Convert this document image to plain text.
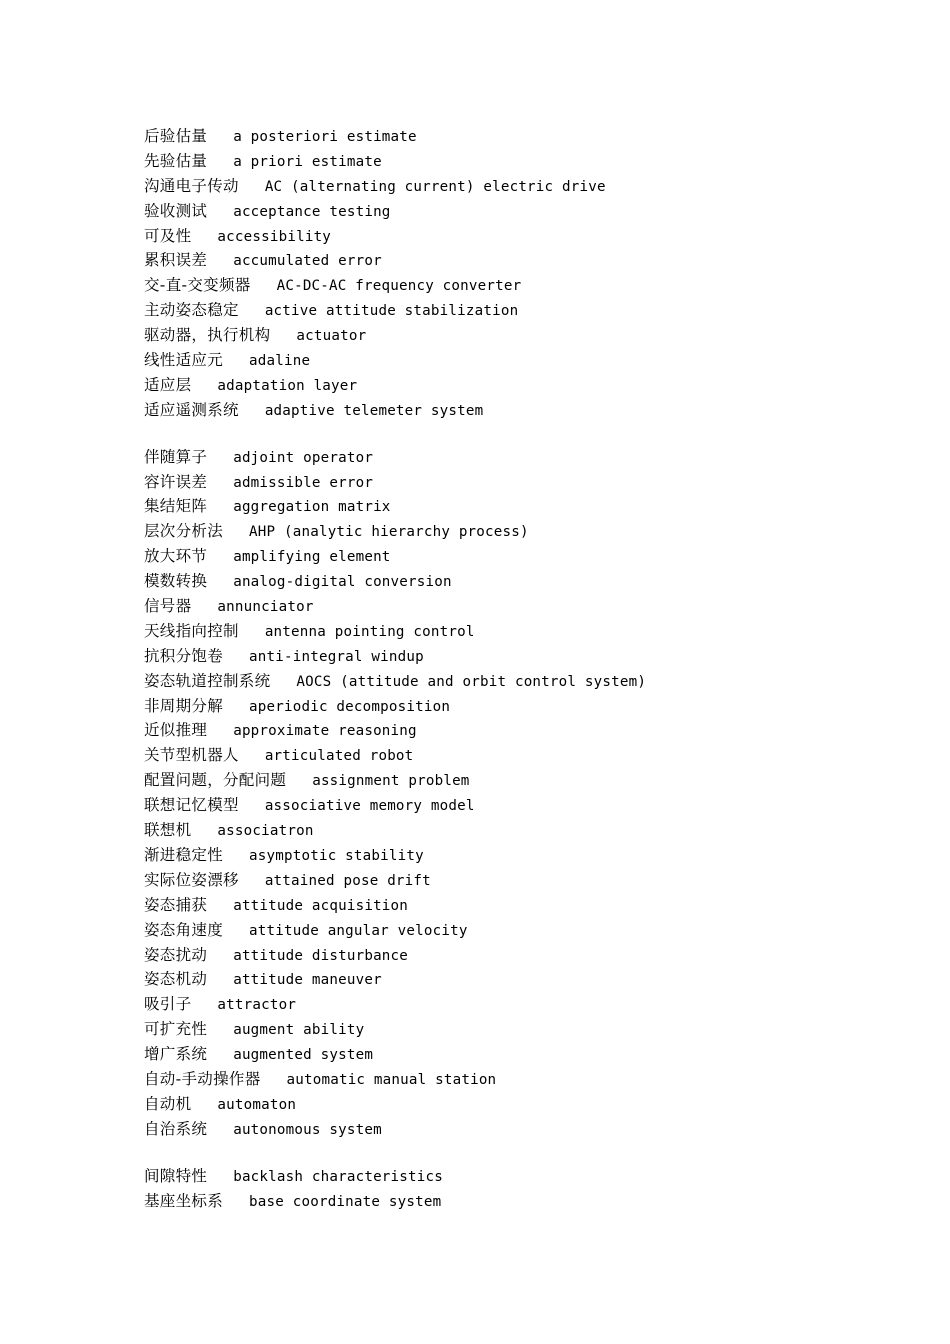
后验估量 a posteriori estimate
先验估量 a priori estimate
沟通电子传动 AC (alternating current) electric drive
验收测试 acceptance testing
可及性 accessibility
累积误差 accumulated error
交-直-交变频器 AC-DC-AC frequency converter
主动姿态稳定 active attitude stabilization
驱动器，执行机构 actuator
线性适应元 adaline
适应层 adaptation layer
适应遥测系统 adaptive telemeter system
伴随算子 adjoint operator
容许误差 admissible error
集结矩阵 aggregation matrix
层次分析法 AHP (analytic hierarchy process)
放大环节 amplifying element
模数转换 analog-digital conversion
信号器 annunciator
天线指向控制 antenna pointing control
抗积分饱卷 anti-integral windup
姿态轨道控制系统 AOCS (attitude and orbit control system)
非周期分解 aperiodic decomposition
近似推理 approximate reasoning
关节型机器人 articulated robot
配置问题，分配问题 assignment problem
联想记忆模型 associative memory model
联想机 associatron
渐进稳定性 asymptotic stability
实际位姿漂移 attained pose drift
姿态捕获 attitude acquisition
姿态角速度 attitude angular velocity
姿态扰动 attitude disturbance
姿态机动 attitude maneuver
吸引子 attractor
可扩充性 augment ability
增广系统 augmented system
自动-手动操作器 automatic manual station
自动机 automaton
自治系统 autonomous system
间隙特性 backlash characteristics
基座坐标系 base coordinate system
